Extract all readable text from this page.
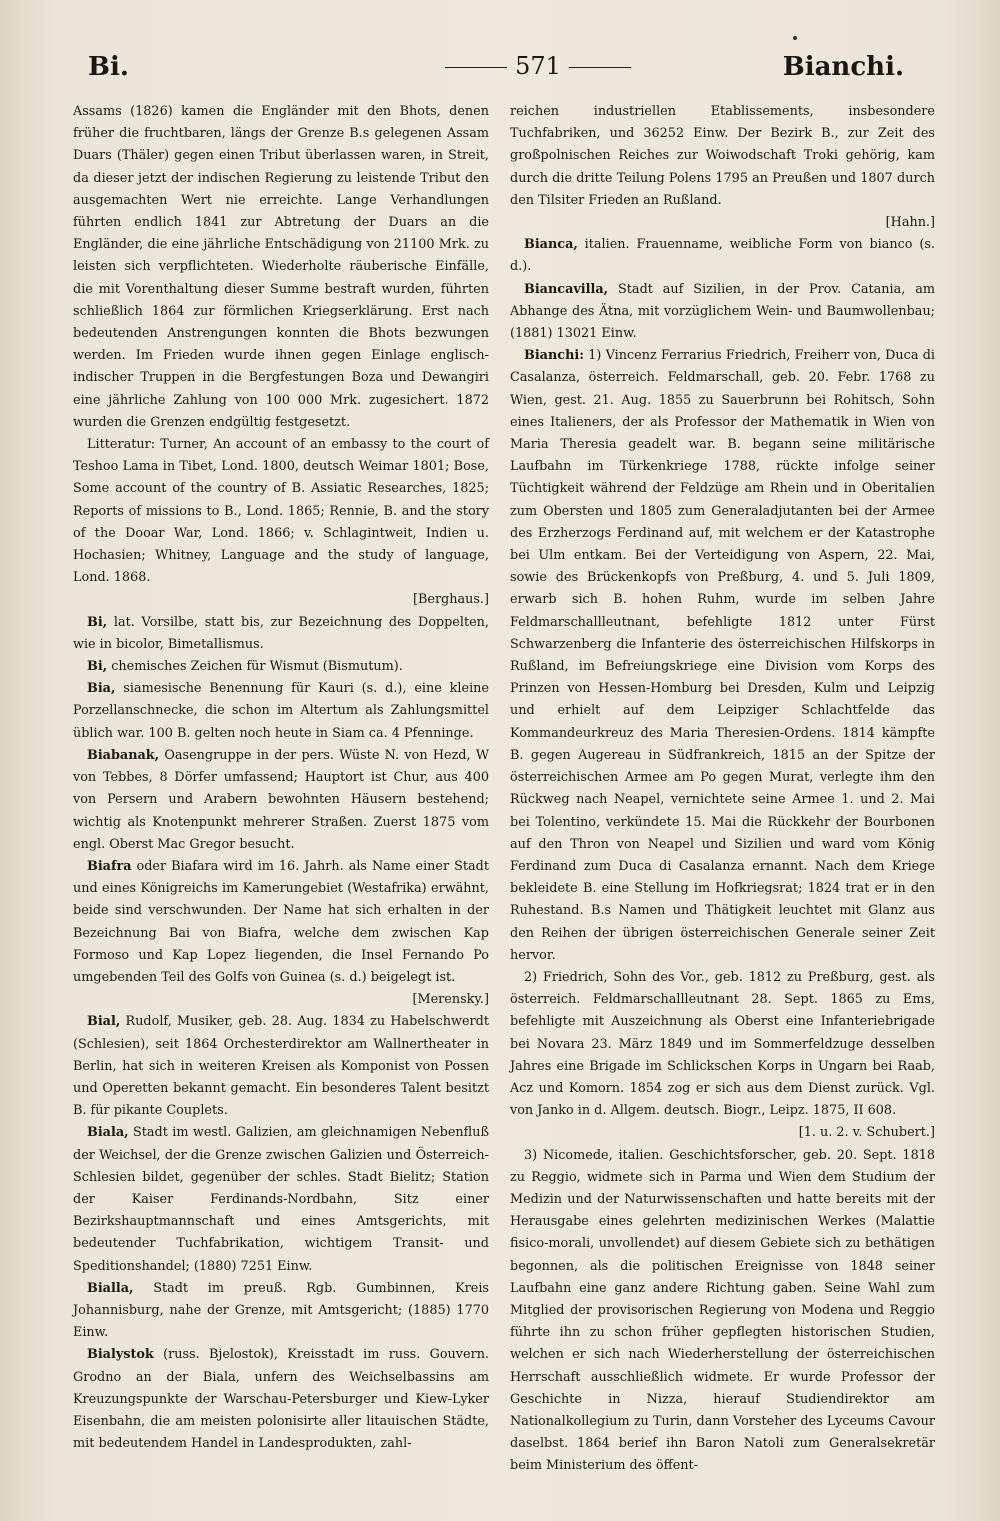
Bi.	571	Bianchi.

Assams (1826) kamen die Engländer mit den Bhots, denen früher die fruchtbaren, längs der Grenze B.s gelegenen Assam Duars (Thäler) gegen einen Tribut überlassen waren, in Streit, da dieser jetzt der indischen Regierung zu leistende Tribut den ausgemachten Wert nie erreichte. Lange Verhandlungen führten endlich 1841 zur Abtretung der Duars an die Engländer, die eine jährliche Entschädigung von 21100 Mrk. zu leisten sich verpflichteten. Wiederholte räuberische Einfälle, die mit Vorenthaltung dieser Summe bestraft wurden, führten schließlich 1864 zur förmlichen Kriegserklärung. Erst nach bedeutenden Anstrengungen konnten die Bhots bezwungen werden. Im Frieden wurde ihnen gegen Einlage englisch-indischer Truppen in die Bergfestungen Boza und Dewangiri eine jährliche Zahlung von 100 000 Mrk. zugesichert. 1872 wurden die Grenzen endgültig festgesetzt.

Litteratur: Turner, An account of an embassy to the court of Teshoo Lama in Tibet, Lond. 1800, deutsch Weimar 1801; Bose, Some account of the country of B. Assiatic Researches, 1825; Reports of missions to B., Lond. 1865; Rennie, B. and the story of the Dooar War, Lond. 1866; v. Schlagintweit, Indien u. Hochasien; Whitney, Language and the study of language, Lond. 1868.
[Berghaus.]

Bi, lat. Vorsilbe, statt bis, zur Bezeichnung des Doppelten, wie in bicolor, Bimetallismus.

Bi, chemisches Zeichen für Wismut (Bismutum).

Bia, siamesische Benennung für Kauri (s. d.), eine kleine Porzellanschnecke, die schon im Altertum als Zahlungsmittel üblich war. 100 B. gelten noch heute in Siam ca. 4 Pfenninge.

Biabanak, Oasengruppe in der pers. Wüste N. von Hezd, W von Tebbes, 8 Dörfer umfassend; Hauptort ist Chur, aus 400 von Persern und Arabern bewohnten Häusern bestehend; wichtig als Knotenpunkt mehrerer Straßen. Zuerst 1875 vom engl. Oberst Mac Gregor besucht.

Biafra oder Biafara wird im 16. Jahrh. als Name einer Stadt und eines Königreichs im Kamerungebiet (Westafrika) erwähnt, beide sind verschwunden. Der Name hat sich erhalten in der Bezeichnung Bai von Biafra, welche dem zwischen Kap Formoso und Kap Lopez liegenden, die Insel Fernando Po umgebenden Teil des Golfs von Guinea (s. d.) beigelegt ist.
[Merensky.]

Bial, Rudolf, Musiker, geb. 28. Aug. 1834 zu Habelschwerdt (Schlesien), seit 1864 Orchesterdirektor am Wallnertheater in Berlin, hat sich in weiteren Kreisen als Komponist von Possen und Operetten bekannt gemacht. Ein besonderes Talent besitzt B. für pikante Couplets.

Biala, Stadt im westl. Galizien, am gleichnamigen Nebenfluß der Weichsel, der die Grenze zwischen Galizien und Österreich-Schlesien bildet, gegenüber der schles. Stadt Bielitz; Station der Kaiser Ferdinands-Nordbahn, Sitz einer Bezirkshauptmannschaft und eines Amtsgerichts, mit bedeutender Tuchfabrikation, wichtigem Transit- und Speditionshandel; (1880) 7251 Einw.

Bialla, Stadt im preuß. Rgb. Gumbinnen, Kreis Johannisburg, nahe der Grenze, mit Amtsgericht; (1885) 1770 Einw.

Bialystok (russ. Bjelostok), Kreisstadt im russ. Gouvern. Grodno an der Biala, unfern des Weichselbassins am Kreuzungspunkte der Warschau-Petersburger und Kiew-Lyker Eisenbahn, die am meisten polonisirte aller litauischen Städte, mit bedeutendem Handel in Landesprodukten, zahl-

reichen industriellen Etablissements, insbesondere Tuchfabriken, und 36252 Einw. Der Bezirk B., zur Zeit des großpolnischen Reiches zur Woiwodschaft Troki gehörig, kam durch die dritte Teilung Polens 1795 an Preußen und 1807 durch den Tilsiter Frieden an Rußland.
[Hahn.]

Bianca, italien. Frauenname, weibliche Form von bianco (s. d.).

Biancavilla, Stadt auf Sizilien, in der Prov. Catania, am Abhange des Ätna, mit vorzüglichem Wein- und Baumwollenbau; (1881) 13021 Einw.

Bianchi: 1) Vincenz Ferrarius Friedrich, Freiherr von, Duca di Casalanza, österreich. Feldmarschall, geb. 20. Febr. 1768 zu Wien, gest. 21. Aug. 1855 zu Sauerbrunn bei Rohitsch, Sohn eines Italieners, der als Professor der Mathematik in Wien von Maria Theresia geadelt war. B. begann seine militärische Laufbahn im Türkenkriege 1788, rückte infolge seiner Tüchtigkeit während der Feldzüge am Rhein und in Oberitalien zum Obersten und 1805 zum Generaladjutanten bei der Armee des Erzherzogs Ferdinand auf, mit welchem er der Katastrophe bei Ulm entkam. Bei der Verteidigung von Aspern, 22. Mai, sowie des Brückenkopfs von Preßburg, 4. und 5. Juli 1809, erwarb sich B. hohen Ruhm, wurde im selben Jahre Feldmarschallleutnant, befehligte 1812 unter Fürst Schwarzenberg die Infanterie des österreichischen Hilfskorps in Rußland, im Befreiungskriege eine Division vom Korps des Prinzen von Hessen-Homburg bei Dresden, Kulm und Leipzig und erhielt auf dem Leipziger Schlachtfelde das Kommandeurkreuz des Maria Theresien-Ordens. 1814 kämpfte B. gegen Augereau in Südfrankreich, 1815 an der Spitze der österreichischen Armee am Po gegen Murat, verlegte ihm den Rückweg nach Neapel, vernichtete seine Armee 1. und 2. Mai bei Tolentino, verkündete 15. Mai die Rückkehr der Bourbonen auf den Thron von Neapel und Sizilien und ward vom König Ferdinand zum Duca di Casalanza ernannt. Nach dem Kriege bekleidete B. eine Stellung im Hofkriegsrat; 1824 trat er in den Ruhestand. B.s Namen und Thätigkeit leuchtet mit Glanz aus den Reihen der übrigen österreichischen Generale seiner Zeit hervor.

2) Friedrich, Sohn des Vor., geb. 1812 zu Preßburg, gest. als österreich. Feldmarschallleutnant 28. Sept. 1865 zu Ems, befehligte mit Auszeichnung als Oberst eine Infanteriebrigade bei Novara 23. März 1849 und im Sommerfeldzuge desselben Jahres eine Brigade im Schlickschen Korps in Ungarn bei Raab, Acz und Komorn. 1854 zog er sich aus dem Dienst zurück. Vgl. von Janko in d. Allgem. deutsch. Biogr., Leipz. 1875, II 608.
[1. u. 2. v. Schubert.]

3) Nicomede, italien. Geschichtsforscher, geb. 20. Sept. 1818 zu Reggio, widmete sich in Parma und Wien dem Studium der Medizin und der Naturwissenschaften und hatte bereits mit der Herausgabe eines gelehrten medizinischen Werkes (Malattie fisico-morali, unvollendet) auf diesem Gebiete sich zu bethätigen begonnen, als die politischen Ereignisse von 1848 seiner Laufbahn eine ganz andere Richtung gaben. Seine Wahl zum Mitglied der provisorischen Regierung von Modena und Reggio führte ihn zu schon früher gepflegten historischen Studien, welchen er sich nach Wiederherstellung der österreichischen Herrschaft ausschließlich widmete. Er wurde Professor der Geschichte in Nizza, hierauf Studiendirektor am Nationalkollegium zu Turin, dann Vorsteher des Lyceums Cavour daselbst. 1864 berief ihn Baron Natoli zum Generalsekretär beim Ministerium des öffent-
